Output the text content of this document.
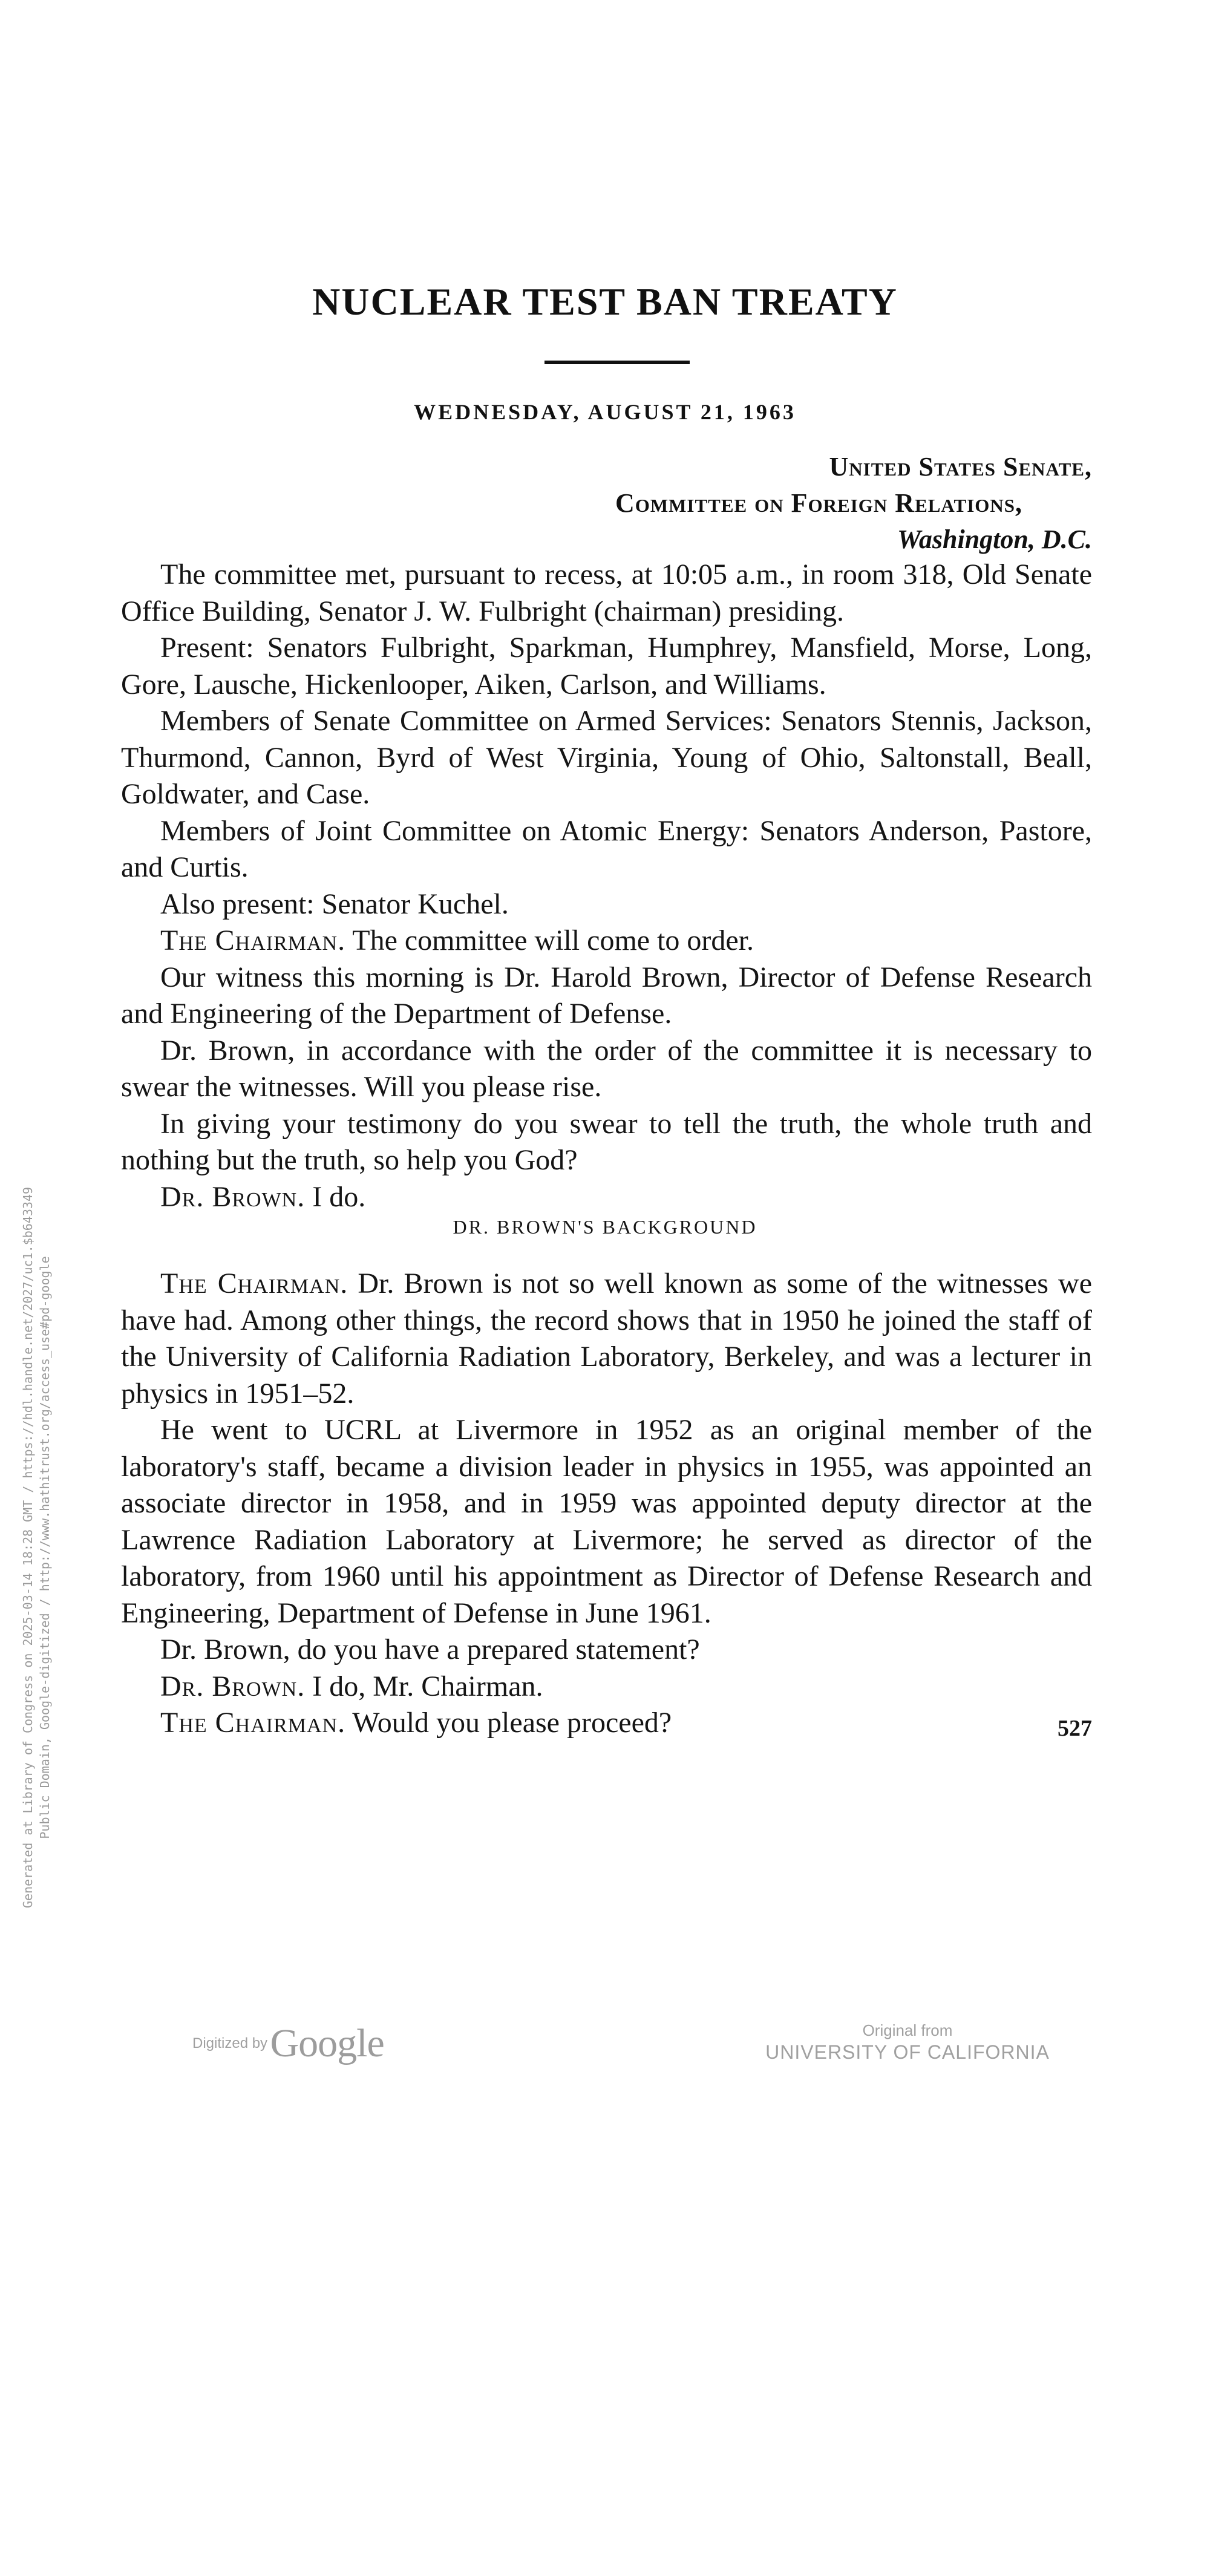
NUCLEAR TEST BAN TREATY
WEDNESDAY, AUGUST 21, 1963
United States Senate,
Committee on Foreign Relations,
Washington, D.C.

The committee met, pursuant to recess, at 10:05 a.m., in room 318, Old Senate Office Building, Senator J. W. Fulbright (chairman) presiding.

Present: Senators Fulbright, Sparkman, Humphrey, Mansfield, Morse, Long, Gore, Lausche, Hickenlooper, Aiken, Carlson, and Williams.

Members of Senate Committee on Armed Services: Senators Stennis, Jackson, Thurmond, Cannon, Byrd of West Virginia, Young of Ohio, Saltonstall, Beall, Goldwater, and Case.

Members of Joint Committee on Atomic Energy: Senators Anderson, Pastore, and Curtis.

Also present: Senator Kuchel.

The Chairman. The committee will come to order.

Our witness this morning is Dr. Harold Brown, Director of Defense Research and Engineering of the Department of Defense.

Dr. Brown, in accordance with the order of the committee it is necessary to swear the witnesses. Will you please rise.

In giving your testimony do you swear to tell the truth, the whole truth and nothing but the truth, so help you God?

Dr. Brown. I do.

DR. BROWN'S BACKGROUND

The Chairman. Dr. Brown is not so well known as some of the witnesses we have had. Among other things, the record shows that in 1950 he joined the staff of the University of California Radiation Laboratory, Berkeley, and was a lecturer in physics in 1951–52.

He went to UCRL at Livermore in 1952 as an original member of the laboratory's staff, became a division leader in physics in 1955, was appointed an associate director in 1958, and in 1959 was appointed deputy director at the Lawrence Radiation Laboratory at Livermore; he served as director of the laboratory, from 1960 until his appointment as Director of Defense Research and Engineering, Department of Defense in June 1961.

Dr. Brown, do you have a prepared statement?

Dr. Brown. I do, Mr. Chairman.

The Chairman. Would you please proceed?	527
Generated at Library of Congress on 2025-03-14 18:28 GMT / https://hdl.handle.net/2027/uc1.$b643349 Public Domain, Google-digitized / http://www.hathitrust.org/access_use#pd-google
Digitized by Google	Original from
UNIVERSITY OF CALIFORNIA
